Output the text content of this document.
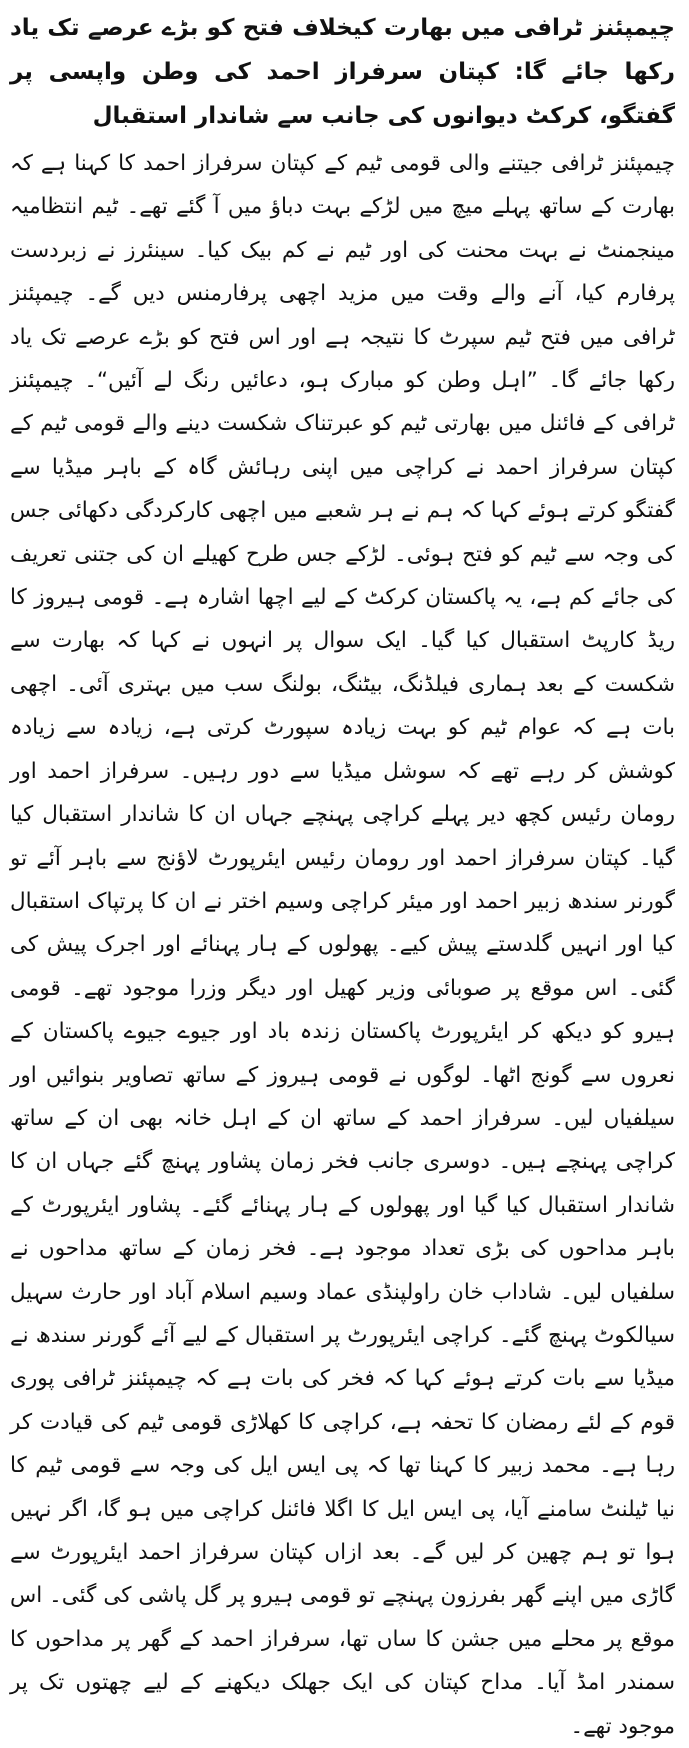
چیمپئنز ٹرافی میں بھارت کیخلاف فتح کو بڑے عرصے تک یاد رکھا جائے گا: کپتان سرفراز احمد کی وطن واپسی پر گفتگو، کرکٹ دیوانوں کی جانب سے شاندار استقبال

چیمپئنز ٹرافی جیتنے والی قومی ٹیم کے کپتان سرفراز احمد کا کہنا ہے کہ بھارت کے ساتھ پہلے میچ میں لڑکے بہت دباؤ میں آ گئے تھے۔ ٹیم انتظامیہ مینجمنٹ نے بہت محنت کی اور ٹیم نے کم بیک کیا۔ سینئرز نے زبردست پرفارم کیا، آنے والے وقت میں مزید اچھی پرفارمنس دیں گے۔ چیمپئنز ٹرافی میں فتح ٹیم سپرٹ کا نتیجہ ہے اور اس فتح کو بڑے عرصے تک یاد رکھا جائے گا۔ ”اہل وطن کو مبارک ہو، دعائیں رنگ لے آئیں“۔ چیمپئنز ٹرافی کے فائنل میں بھارتی ٹیم کو عبرتناک شکست دینے والے قومی ٹیم کے کپتان سرفراز احمد نے کراچی میں اپنی رہائش گاہ کے باہر میڈیا سے گفتگو کرتے ہوئے کہا کہ ہم نے ہر شعبے میں اچھی کارکردگی دکھائی جس کی وجہ سے ٹیم کو فتح ہوئی۔ لڑکے جس طرح کھیلے ان کی جتنی تعریف کی جائے کم ہے، یہ پاکستان کرکٹ کے لیے اچھا اشارہ ہے۔ قومی ہیروز کا ریڈ کارپٹ استقبال کیا گیا۔ ایک سوال پر انہوں نے کہا کہ بھارت سے شکست کے بعد ہماری فیلڈنگ، بیٹنگ، بولنگ سب میں بہتری آئی۔ اچھی بات ہے کہ عوام ٹیم کو بہت زیادہ سپورٹ کرتی ہے، زیادہ سے زیادہ کوشش کر رہے تھے کہ سوشل میڈیا سے دور رہیں۔ سرفراز احمد اور رومان رئیس کچھ دیر پہلے کراچی پہنچے جہاں ان کا شاندار استقبال کیا گیا۔ کپتان سرفراز احمد اور رومان رئیس ایئرپورٹ لاؤنج سے باہر آئے تو گورنر سندھ زبیر احمد اور میئر کراچی وسیم اختر نے ان کا پرتپاک استقبال کیا اور انہیں گلدستے پیش کیے۔ پھولوں کے ہار پہنائے اور اجرک پیش کی گئی۔ اس موقع پر صوبائی وزیر کھیل اور دیگر وزرا موجود تھے۔ قومی ہیرو کو دیکھ کر ایئرپورٹ پاکستان زندہ باد اور جیوے جیوے پاکستان کے نعروں سے گونج اٹھا۔ لوگوں نے قومی ہیروز کے ساتھ تصاویر بنوائیں اور سیلفیاں لیں۔ سرفراز احمد کے ساتھ ان کے اہل خانہ بھی ان کے ساتھ کراچی پہنچے ہیں۔ دوسری جانب فخر زمان پشاور پہنچ گئے جہاں ان کا شاندار استقبال کیا گیا اور پھولوں کے ہار پہنائے گئے۔ پشاور ایئرپورٹ کے باہر مداحوں کی بڑی تعداد موجود ہے۔ فخر زمان کے ساتھ مداحوں نے سلفیاں لیں۔ شاداب خان راولپنڈی عماد وسیم اسلام آباد اور حارث سہیل سیالکوٹ پہنچ گئے۔ کراچی ایئرپورٹ پر استقبال کے لیے آئے گورنر سندھ نے میڈیا سے بات کرتے ہوئے کہا کہ فخر کی بات ہے کہ چیمپئنز ٹرافی پوری قوم کے لئے رمضان کا تحفہ ہے، کراچی کا کھلاڑی قومی ٹیم کی قیادت کر رہا ہے۔ محمد زبیر کا کہنا تھا کہ پی ایس ایل کی وجہ سے قومی ٹیم کا نیا ٹیلنٹ سامنے آیا، پی ایس ایل کا اگلا فائنل کراچی میں ہو گا، اگر نہیں ہوا تو ہم چھین کر لیں گے۔ بعد ازاں کپتان سرفراز احمد ایئرپورٹ سے گاڑی میں اپنے گھر بفرزون پہنچے تو قومی ہیرو پر گل پاشی کی گئی۔ اس موقع پر محلے میں جشن کا ساں تھا، سرفراز احمد کے گھر پر مداحوں کا سمندر امڈ آیا۔ مداح کپتان کی ایک جھلک دیکھنے کے لیے چھتوں تک پر موجود تھے۔
